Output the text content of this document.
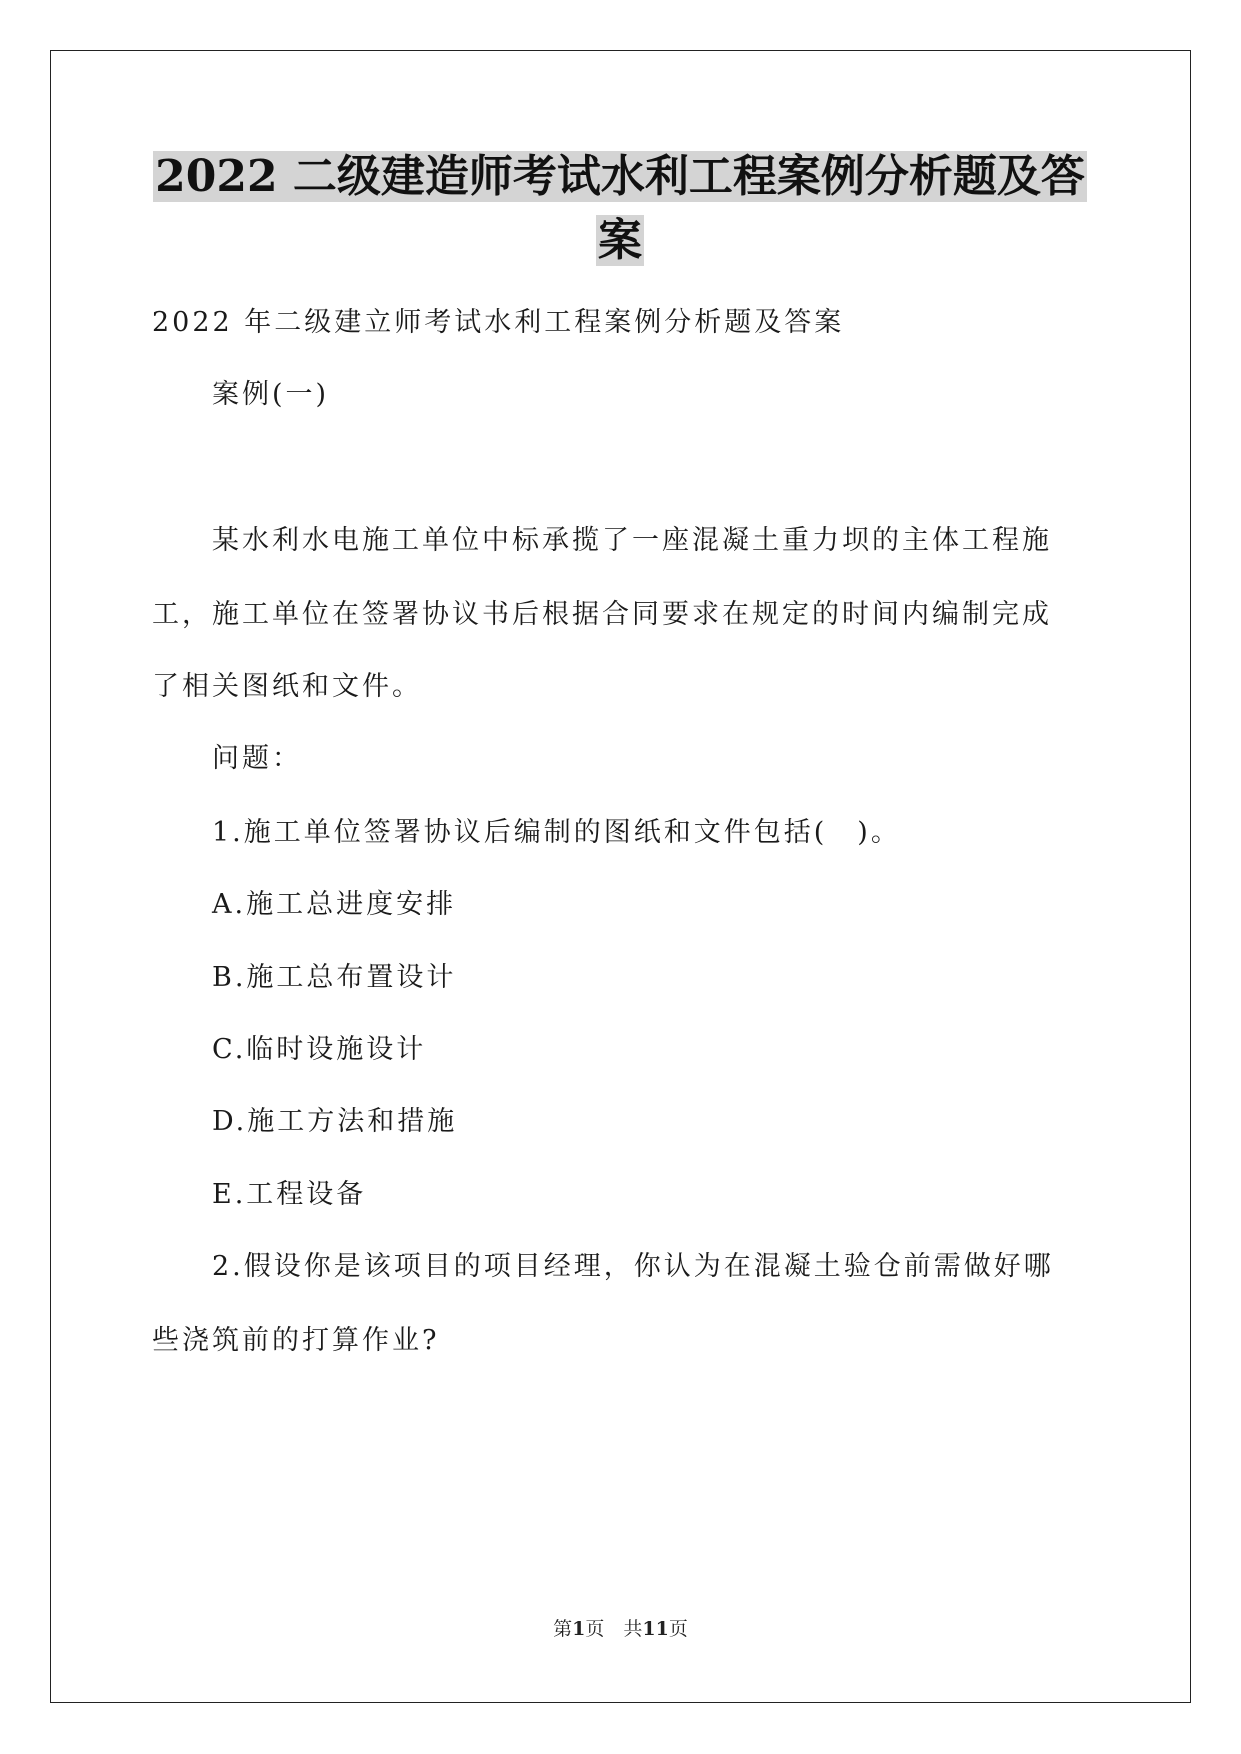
2022 二级建造师考试水利工程案例分析题及答
案
2022 年二级建立师考试水利工程案例分析题及答案
案例(一)
某水利水电施工单位中标承揽了一座混凝土重力坝的主体工程施
工，施工单位在签署协议书后根据合同要求在规定的时间内编制完成
了相关图纸和文件。
问题：
1.施工单位签署协议后编制的图纸和文件包括(　)。
A.施工总进度安排
B.施工总布置设计
C.临时设施设计
D.施工方法和措施
E.工程设备
2.假设你是该项目的项目经理，你认为在混凝土验仓前需做好哪
些浇筑前的打算作业?
第1页　共11页
